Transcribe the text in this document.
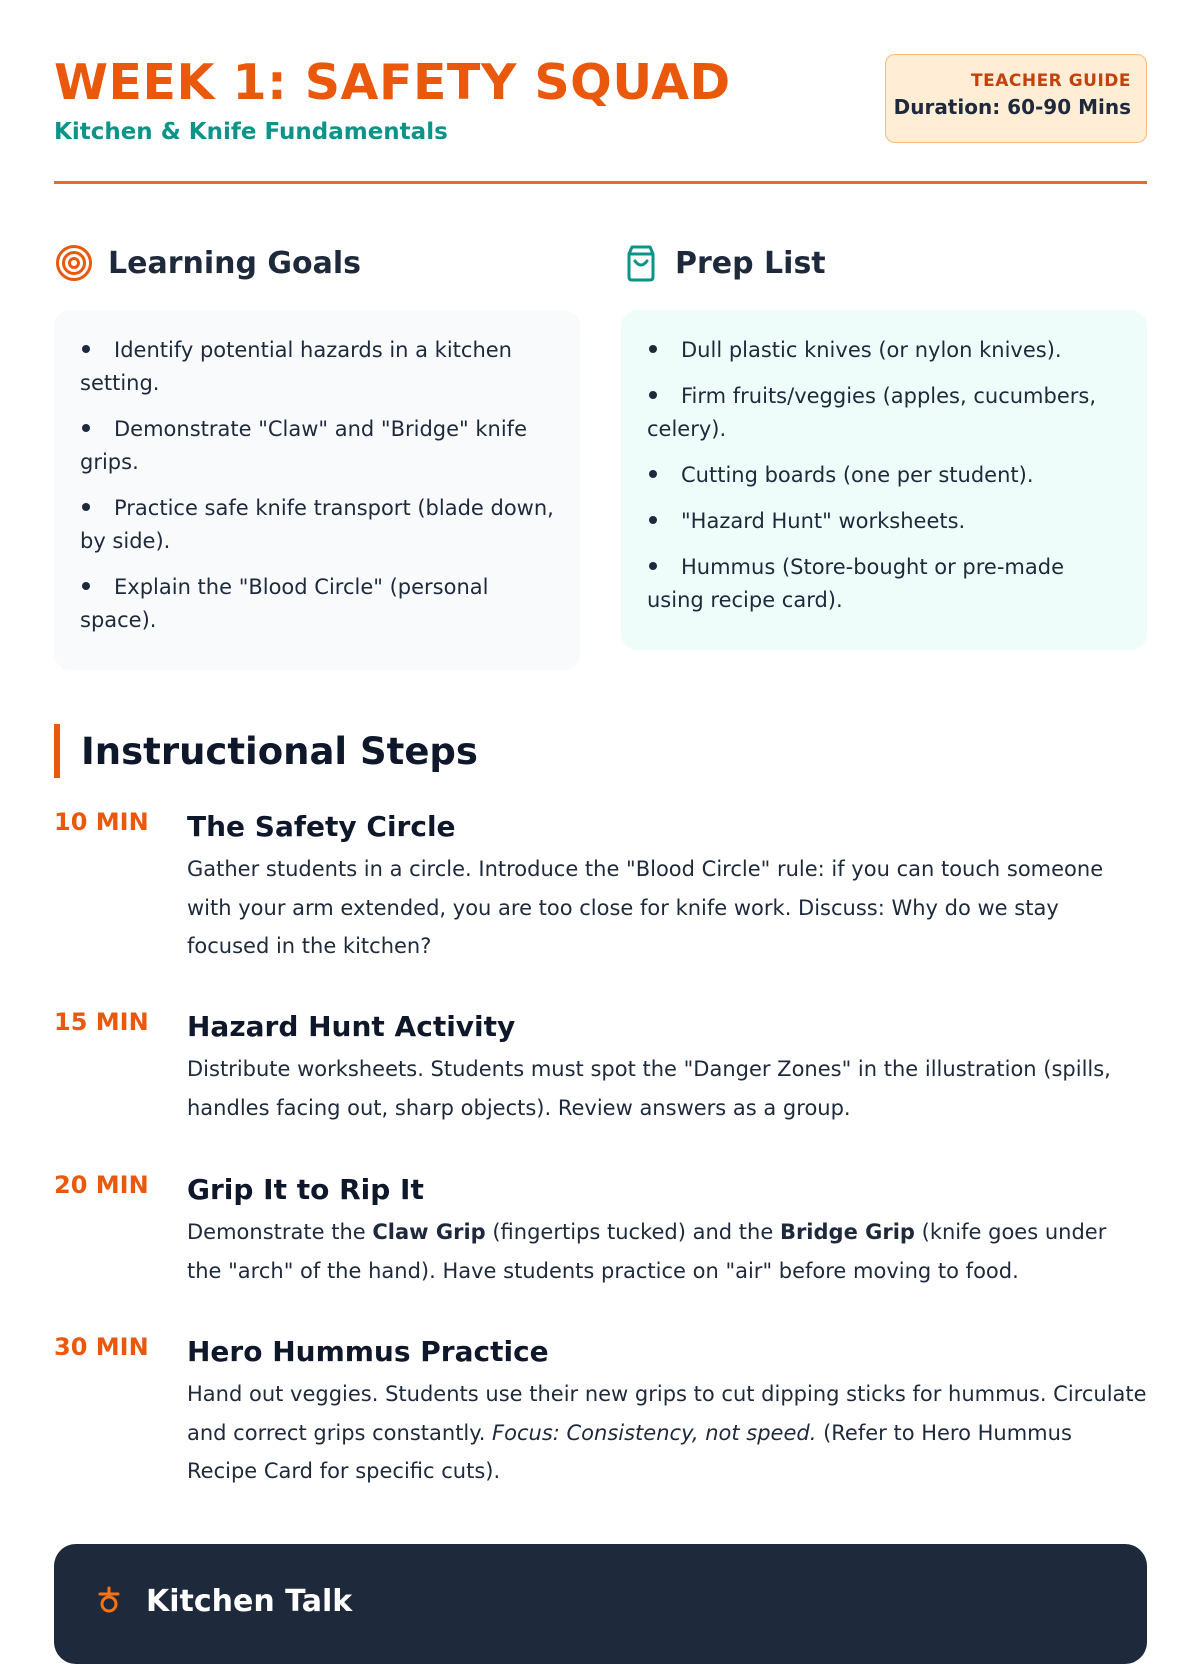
WEEK 1: SAFETY SQUAD
Kitchen & Knife Fundamentals
TEACHER GUIDE
Duration: 60-90 Mins
Learning Goals
Identify potential hazards in a kitchen setting.
Demonstrate "Claw" and "Bridge" knife grips.
Practice safe knife transport (blade down, by side).
Explain the "Blood Circle" (personal space).
Prep List
Dull plastic knives (or nylon knives).
Firm fruits/veggies (apples, cucumbers, celery).
Cutting boards (one per student).
"Hazard Hunt" worksheets.
Hummus (Store-bought or pre-made using recipe card).
Instructional Steps
10 MIN The Safety Circle

Gather students in a circle. Introduce the "Blood Circle" rule: if you can touch someone with your arm extended, you are too close for knife work. Discuss: Why do we stay focused in the kitchen?

15 MIN Hazard Hunt Activity

Distribute worksheets. Students must spot the "Danger Zones" in the illustration (spills, handles facing out, sharp objects). Review answers as a group.

20 MIN Grip It to Rip It

Demonstrate the Claw Grip (fingertips tucked) and the Bridge Grip (knife goes under the "arch" of the hand). Have students practice on "air" before moving to food.

30 MIN Hero Hummus Practice

Hand out veggies. Students use their new grips to cut dipping sticks for hummus. Circulate and correct grips constantly. Focus: Consistency, not speed. (Refer to Hero Hummus Recipe Card for specific cuts).

Kitchen Talk
